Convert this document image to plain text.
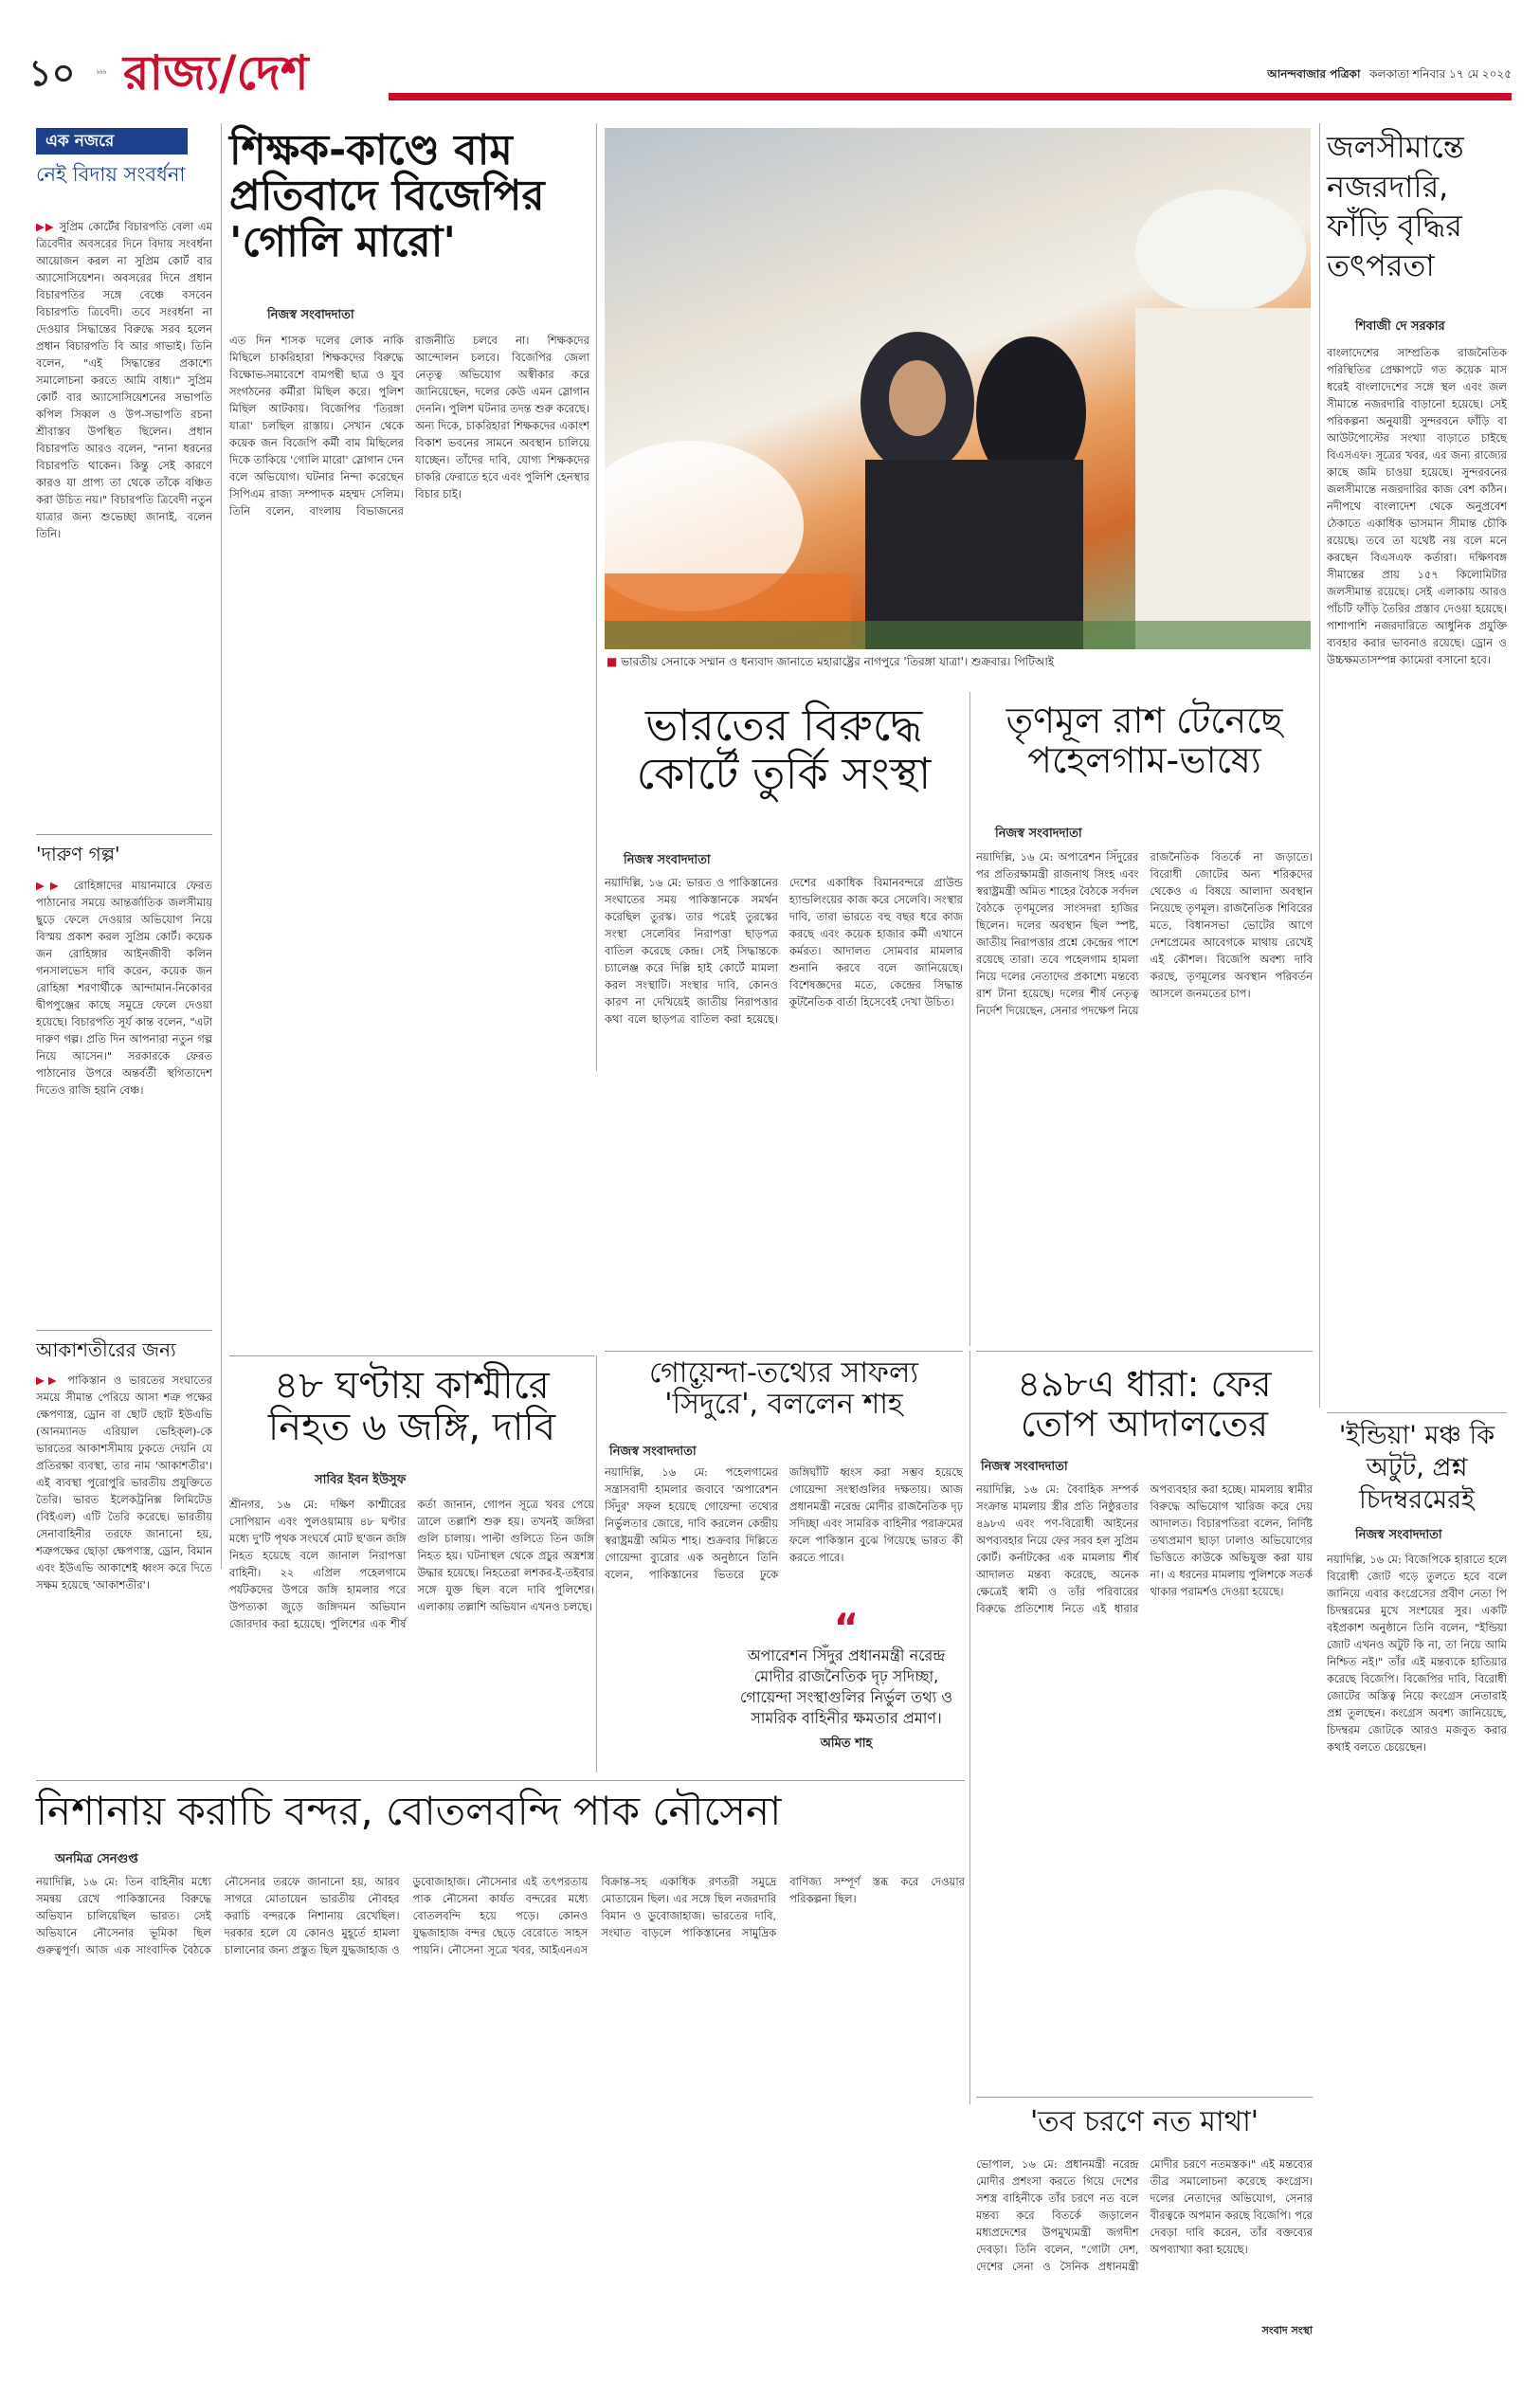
১০	৳৳৳ রাজ্য/দেশ	আনন্দবাজার পত্রিকা কলকাতা শনিবার ১৭ মে ২০২৫
এক নজরে
নেই বিদায় সংবর্ধনা
▶▶ সুপ্রিম কোর্টের বিচারপতি বেলা এম ত্রিবেদীর অবসরের দিনে বিদায় সংবর্ধনা আয়োজন করল না সুপ্রিম কোর্ট বার অ্যাসোসিয়েশন। অবসরের দিনে প্রধান বিচারপতির সঙ্গে বেঞ্চে বসবেন বিচারপতি ত্রিবেদী। তবে সংবর্ধনা না দেওয়ার সিদ্ধান্তের বিরুদ্ধে সরব হলেন প্রধান বিচারপতি বি আর গাভাই। তিনি বলেন, "এই সিদ্ধান্তের প্রকাশ্যে সমালোচনা করতে আমি বাধ্য।" সুপ্রিম কোর্ট বার অ্যাসোসিয়েশনের সভাপতি কপিল সিব্বল ও উপ-সভাপতি রচনা শ্রীবাস্তব উপস্থিত ছিলেন। প্রধান বিচারপতি আরও বলেন, "নানা ধরনের বিচারপতি থাকেন। কিন্তু সেই কারণে কারও যা প্রাপ্য তা থেকে তাঁকে বঞ্চিত করা উচিত নয়।" বিচারপতি ত্রিবেদী নতুন যাত্রার জন্য শুভেচ্ছা জানাই, বলেন তিনি।
'দারুণ গল্প'
▶▶ রোহিঙ্গাদের মায়ানমারে ফেরত পাঠানোর সময়ে আন্তর্জাতিক জলসীমায় ছুড়ে ফেলে দেওয়ার অভিযোগ নিয়ে বিস্ময় প্রকাশ করল সুপ্রিম কোর্ট। কয়েক জন রোহিঙ্গার আইনজীবী কলিন গনসালভেস দাবি করেন, কয়েক জন রোহিঙ্গা শরণার্থীকে আন্দামান-নিকোবর দ্বীপপুঞ্জের কাছে সমুদ্রে ফেলে দেওয়া হয়েছে। বিচারপতি সূর্য কান্ত বলেন, "এটা দারুণ গল্প। প্রতি দিন আপনারা নতুন গল্প নিয়ে আসেন।" সরকারকে ফেরত পাঠানোর উপরে অন্তর্বর্তী স্থগিতাদেশ দিতেও রাজি হয়নি বেঞ্চ।
আকাশতীরের জন্য
▶▶ পাকিস্তান ও ভারতের সংঘাতের সময়ে সীমান্ত পেরিয়ে আসা শত্রু পক্ষের ক্ষেপণাস্ত্র, ড্রোন বা ছোট ছোট ইউএভি (আনম্যানড এরিয়াল ভেহিক্‌ল)-কে ভারতের আকাশসীমায় ঢুকতে দেয়নি যে প্রতিরক্ষা ব্যবস্থা, তার নাম 'আকাশতীর'। এই ব্যবস্থা পুরোপুরি ভারতীয় প্রযুক্তিতে তৈরি। ভারত ইলেকট্রনিক্স লিমিটেড (বিইএল) এটি তৈরি করেছে। ভারতীয় সেনাবাহিনীর তরফে জানানো হয়, শত্রুপক্ষের ছোড়া ক্ষেপণাস্ত্র, ড্রোন, বিমান এবং ইউএভি আকাশেই ধ্বংস করে দিতে সক্ষম হয়েছে 'আকাশতীর'।
শিক্ষক-কাণ্ডে বাম প্রতিবাদে বিজেপির 'গোলি মারো'
নিজস্ব সংবাদদাতা
এত দিন শাসক দলের লোক নাকি মিছিলে চাকরিহারা শিক্ষকদের বিরুদ্ধে বিক্ষোভ-সমাবেশে বামপন্থী ছাত্র ও যুব সংগঠনের কর্মীরা মিছিল করে। পুলিশ মিছিল আটকায়। বিজেপির 'তিরঙ্গা যাত্রা' চলছিল রাস্তায়। সেখান থেকে কয়েক জন বিজেপি কর্মী বাম মিছিলের দিকে তাকিয়ে 'গোলি মারো' স্লোগান দেন বলে অভিযোগ। ঘটনার নিন্দা করেছেন সিপিএম রাজ্য সম্পাদক মহম্মদ সেলিম। তিনি বলেন, বাংলায় বিভাজনের রাজনীতি চলবে না। শিক্ষকদের আন্দোলন চলবে। বিজেপির জেলা নেতৃত্ব অভিযোগ অস্বীকার করে জানিয়েছেন, দলের কেউ এমন স্লোগান দেননি। পুলিশ ঘটনার তদন্ত শুরু করেছে। অন্য দিকে, চাকরিহারা শিক্ষকদের একাংশ বিকাশ ভবনের সামনে অবস্থান চালিয়ে যাচ্ছেন। তাঁদের দাবি, যোগ্য শিক্ষকদের চাকরি ফেরাতে হবে এবং পুলিশি হেনস্থার বিচার চাই।
■ ভারতীয় সেনাকে সম্মান ও ধন্যবাদ জানাতে মহারাষ্ট্রের নাগপুরে 'তিরঙ্গা যাত্রা'। শুক্রবার। পিটিআই
জলসীমান্তে নজরদারি, ফাঁড়ি বৃদ্ধির তৎপরতা
শিবাজী দে সরকার
বাংলাদেশের সাম্প্রতিক রাজনৈতিক পরিস্থিতির প্রেক্ষাপটে গত কয়েক মাস ধরেই বাংলাদেশের সঙ্গে স্থল এবং জল সীমান্তে নজরদারি বাড়ানো হয়েছে। সেই পরিকল্পনা অনুযায়ী সুন্দরবনে ফাঁড়ি বা আউটপোস্টের সংখ্যা বাড়াতে চাইছে বিএসএফ। সূত্রের খবর, এর জন্য রাজ্যের কাছে জমি চাওয়া হয়েছে। সুন্দরবনের জলসীমান্তে নজরদারির কাজ বেশ কঠিন। নদীপথে বাংলাদেশ থেকে অনুপ্রবেশ ঠেকাতে একাধিক ভাসমান সীমান্ত চৌকি রয়েছে। তবে তা যথেষ্ট নয় বলে মনে করছেন বিএসএফ কর্তারা। দক্ষিণবঙ্গ সীমান্তের প্রায় ১৫৭ কিলোমিটার জলসীমান্ত রয়েছে। সেই এলাকায় আরও পাঁচটি ফাঁড়ি তৈরির প্রস্তাব দেওয়া হয়েছে। পাশাপাশি নজরদারিতে আধুনিক প্রযুক্তি ব্যবহার করার ভাবনাও রয়েছে। ড্রোন ও উচ্চক্ষমতাসম্পন্ন ক্যামেরা বসানো হবে।
ভারতের বিরুদ্ধে কোর্টে তুর্কি সংস্থা
নিজস্ব সংবাদদাতা
নয়াদিল্লি, ১৬ মে: ভারত ও পাকিস্তানের সংঘাতের সময় পাকিস্তানকে সমর্থন করেছিল তুরস্ক। তার পরেই তুরস্কের সংস্থা সেলেবির নিরাপত্তা ছাড়পত্র বাতিল করেছে কেন্দ্র। সেই সিদ্ধান্তকে চ্যালেঞ্জ করে দিল্লি হাই কোর্টে মামলা করল সংস্থাটি। সংস্থার দাবি, কোনও কারণ না দেখিয়েই জাতীয় নিরাপত্তার কথা বলে ছাড়পত্র বাতিল করা হয়েছে। দেশের একাধিক বিমানবন্দরে গ্রাউন্ড হ্যান্ডলিংয়ের কাজ করে সেলেবি। সংস্থার দাবি, তারা ভারতে বহু বছর ধরে কাজ করছে এবং কয়েক হাজার কর্মী এখানে কর্মরত। আদালত সোমবার মামলার শুনানি করবে বলে জানিয়েছে। বিশেষজ্ঞদের মতে, কেন্দ্রের সিদ্ধান্ত কূটনৈতিক বার্তা হিসেবেই দেখা উচিত।
তৃণমূল রাশ টেনেছে পহেলগাম-ভাষ্যে
নিজস্ব সংবাদদাতা
নয়াদিল্লি, ১৬ মে: অপারেশন সিঁদুরের পর প্রতিরক্ষামন্ত্রী রাজনাথ সিংহ এবং স্বরাষ্ট্রমন্ত্রী অমিত শাহের বৈঠকে সর্বদল বৈঠকে তৃণমূলের সাংসদরা হাজির ছিলেন। দলের অবস্থান ছিল স্পষ্ট, জাতীয় নিরাপত্তার প্রশ্নে কেন্দ্রের পাশে রয়েছে তারা। তবে পহেলগাম হামলা নিয়ে দলের নেতাদের প্রকাশ্যে মন্তব্যে রাশ টানা হয়েছে। দলের শীর্ষ নেতৃত্ব নির্দেশ দিয়েছেন, সেনার পদক্ষেপ নিয়ে রাজনৈতিক বিতর্কে না জড়াতে। বিরোধী জোটের অন্য শরিকদের থেকেও এ বিষয়ে আলাদা অবস্থান নিয়েছে তৃণমূল। রাজনৈতিক শিবিরের মতে, বিধানসভা ভোটের আগে দেশপ্রেমের আবেগকে মাথায় রেখেই এই কৌশল। বিজেপি অবশ্য দাবি করছে, তৃণমূলের অবস্থান পরিবর্তন আসলে জনমতের চাপ।
৪৮ ঘণ্টায় কাশ্মীরে নিহত ৬ জঙ্গি, দাবি
সাবির ইবন ইউসুফ
শ্রীনগর, ১৬ মে: দক্ষিণ কাশ্মীরের সোপিয়ান এবং পুলওয়ামায় ৪৮ ঘণ্টার মধ্যে দু'টি পৃথক সংঘর্ষে মোট ছ'জন জঙ্গি নিহত হয়েছে বলে জানাল নিরাপত্তা বাহিনী। ২২ এপ্রিল পহেলগামে পর্যটকদের উপরে জঙ্গি হামলার পরে উপত্যকা জুড়ে জঙ্গিদমন অভিযান জোরদার করা হয়েছে। পুলিশের এক শীর্ষ কর্তা জানান, গোপন সূত্রে খবর পেয়ে ত্রালে তল্লাশি শুরু হয়। তখনই জঙ্গিরা গুলি চালায়। পাল্টা গুলিতে তিন জঙ্গি নিহত হয়। ঘটনাস্থল থেকে প্রচুর অস্ত্রশস্ত্র উদ্ধার হয়েছে। নিহতেরা লশকর-ই-তইবার সঙ্গে যুক্ত ছিল বলে দাবি পুলিশের। এলাকায় তল্লাশি অভিযান এখনও চলছে।
গোয়েন্দা-তথ্যের সাফল্য 'সিঁদুরে', বললেন শাহ
নিজস্ব সংবাদদাতা
নয়াদিল্লি, ১৬ মে: পহেলগামের সন্ত্রাসবাদী হামলার জবাবে 'অপারেশন সিঁদুর' সফল হয়েছে গোয়েন্দা তথ্যের নির্ভুলতার জোরে, দাবি করলেন কেন্দ্রীয় স্বরাষ্ট্রমন্ত্রী অমিত শাহ। শুক্রবার দিল্লিতে গোয়েন্দা ব্যুরোর এক অনুষ্ঠানে তিনি বলেন, পাকিস্তানের ভিতরে ঢুকে জঙ্গিঘাঁটি ধ্বংস করা সম্ভব হয়েছে গোয়েন্দা সংস্থাগুলির দক্ষতায়। আজ প্রধানমন্ত্রী নরেন্দ্র মোদীর রাজনৈতিক দৃঢ় সদিচ্ছা এবং সামরিক বাহিনীর পরাক্রমের ফলে পাকিস্তান বুঝে গিয়েছে ভারত কী করতে পারে।
“
অপারেশন সিঁদুর প্রধানমন্ত্রী নরেন্দ্র মোদীর রাজনৈতিক দৃঢ় সদিচ্ছা, গোয়েন্দা সংস্থাগুলির নির্ভুল তথ্য ও সামরিক বাহিনীর ক্ষমতার প্রমাণ।
অমিত শাহ
৪৯৮এ ধারা: ফের তোপ আদালতের
নিজস্ব সংবাদদাতা
নয়াদিল্লি, ১৬ মে: বৈবাহিক সম্পর্ক সংক্রান্ত মামলায় স্ত্রীর প্রতি নিষ্ঠুরতার ৪৯৮এ এবং পণ-বিরোধী আইনের অপব্যবহার নিয়ে ফের সরব হল সুপ্রিম কোর্ট। কর্নাটকের এক মামলায় শীর্ষ আদালত মন্তব্য করেছে, অনেক ক্ষেত্রেই স্বামী ও তাঁর পরিবারের বিরুদ্ধে প্রতিশোধ নিতে এই ধারার অপব্যবহার করা হচ্ছে। মামলায় স্বামীর বিরুদ্ধে অভিযোগ খারিজ করে দেয় আদালত। বিচারপতিরা বলেন, নির্দিষ্ট তথ্যপ্রমাণ ছাড়া ঢালাও অভিযোগের ভিত্তিতে কাউকে অভিযুক্ত করা যায় না। এ ধরনের মামলায় পুলিশকে সতর্ক থাকার পরামর্শও দেওয়া হয়েছে।
'ইন্ডিয়া' মঞ্চ কি অটুট, প্রশ্ন চিদম্বরমেরই
নিজস্ব সংবাদদাতা
নয়াদিল্লি, ১৬ মে: বিজেপিকে হারাতে হলে বিরোধী জোট গড়ে তুলতে হবে বলে জানিয়ে এবার কংগ্রেসের প্রবীণ নেতা পি চিদম্বরমের মুখে সংশয়ের সুর। একটি বইপ্রকাশ অনুষ্ঠানে তিনি বলেন, "ইন্ডিয়া জোট এখনও অটুট কি না, তা নিয়ে আমি নিশ্চিত নই।" তাঁর এই মন্তব্যকে হাতিয়ার করেছে বিজেপি। বিজেপির দাবি, বিরোধী জোটের অস্তিত্ব নিয়ে কংগ্রেস নেতারাই প্রশ্ন তুলছেন। কংগ্রেস অবশ্য জানিয়েছে, চিদম্বরম জোটকে আরও মজবুত করার কথাই বলতে চেয়েছেন।
নিশানায় করাচি বন্দর, বোতলবন্দি পাক নৌসেনা
অনমিত্র সেনগুপ্ত
নয়াদিল্লি, ১৬ মে: তিন বাহিনীর মধ্যে সমন্বয় রেখে পাকিস্তানের বিরুদ্ধে অভিযান চালিয়েছিল ভারত। সেই অভিযানে নৌসেনার ভূমিকা ছিল গুরুত্বপূর্ণ। আজ এক সাংবাদিক বৈঠকে নৌসেনার তরফে জানানো হয়, আরব সাগরে মোতায়েন ভারতীয় নৌবহর করাচি বন্দরকে নিশানায় রেখেছিল। দরকার হলে যে কোনও মুহূর্তে হামলা চালানোর জন্য প্রস্তুত ছিল যুদ্ধজাহাজ ও ডুবোজাহাজ। নৌসেনার এই তৎপরতায় পাক নৌসেনা কার্যত বন্দরের মধ্যে বোতলবন্দি হয়ে পড়ে। কোনও যুদ্ধজাহাজ বন্দর ছেড়ে বেরোতে সাহস পায়নি। নৌসেনা সূত্রে খবর, আইএনএস বিক্রান্ত-সহ একাধিক রণতরী সমুদ্রে মোতায়েন ছিল। এর সঙ্গে ছিল নজরদারি বিমান ও ডুবোজাহাজ। ভারতের দাবি, সংঘাত বাড়লে পাকিস্তানের সামুদ্রিক বাণিজ্য সম্পূর্ণ স্তব্ধ করে দেওয়ার পরিকল্পনা ছিল।
'তব চরণে নত মাথা'
ভোপাল, ১৬ মে: প্রধানমন্ত্রী নরেন্দ্র মোদীর প্রশংসা করতে গিয়ে দেশের সশস্ত্র বাহিনীকে তাঁর চরণে নত বলে মন্তব্য করে বিতর্কে জড়ালেন মধ্যপ্রদেশের উপমুখ্যমন্ত্রী জগদীশ দেবড়া। তিনি বলেন, "গোটা দেশ, দেশের সেনা ও সৈনিক প্রধানমন্ত্রী মোদীর চরণে নতমস্তক।" এই মন্তব্যের তীব্র সমালোচনা করেছে কংগ্রেস। দলের নেতাদের অভিযোগ, সেনার বীরত্বকে অপমান করছে বিজেপি। পরে দেবড়া দাবি করেন, তাঁর বক্তব্যের অপব্যাখ্যা করা হয়েছে।
সংবাদ সংস্থা
